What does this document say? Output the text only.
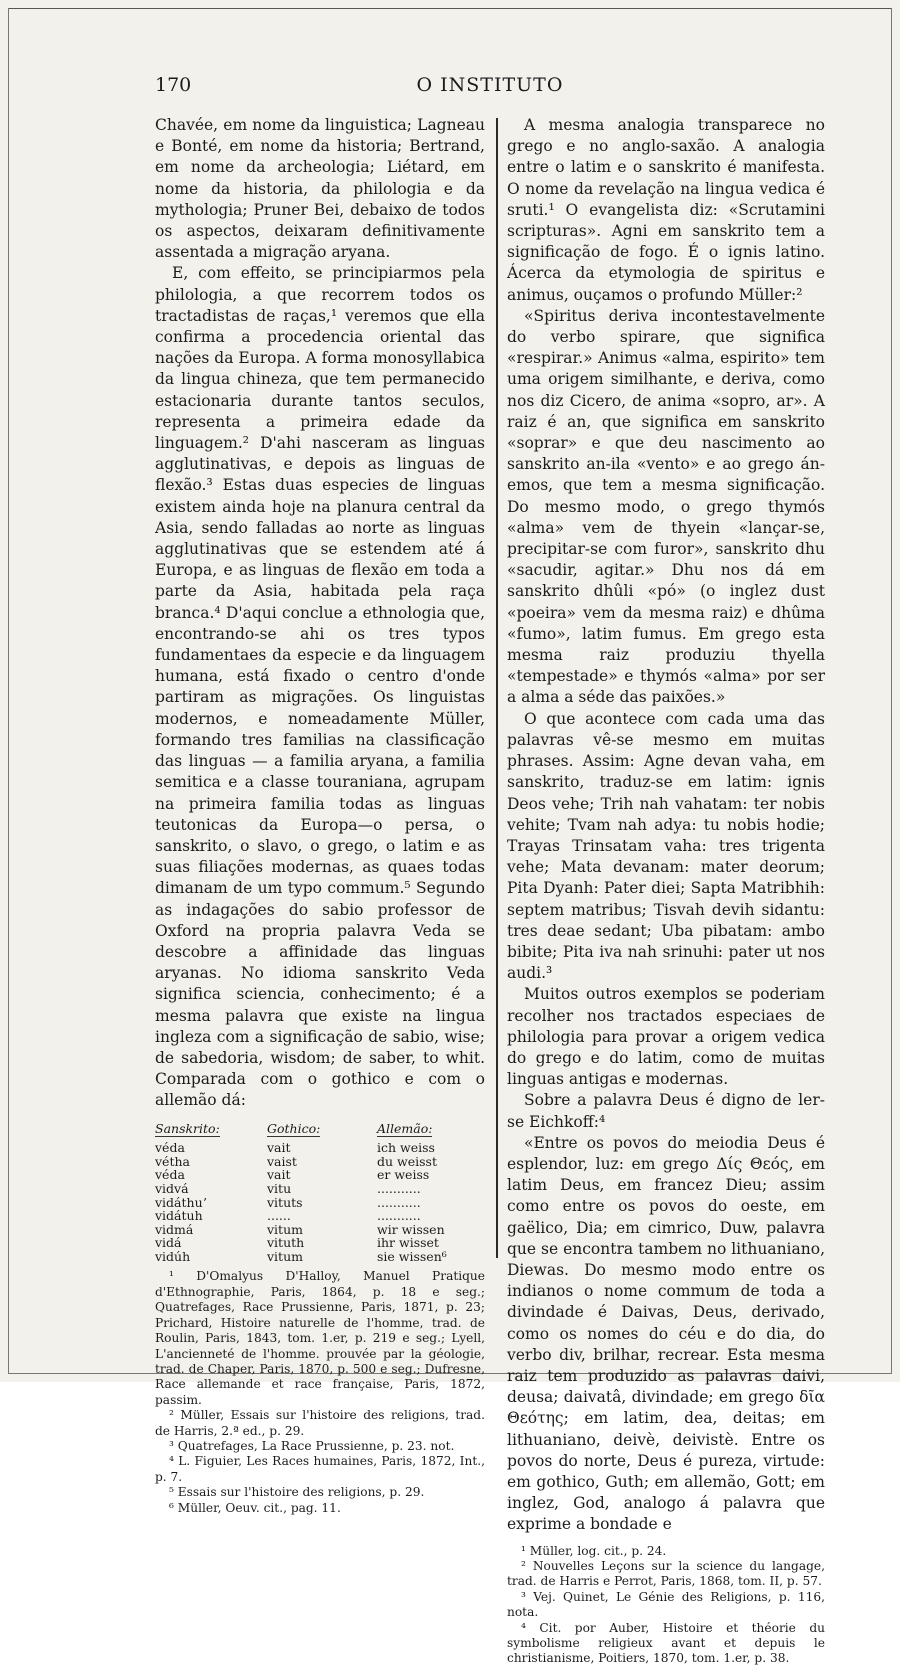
170	O INSTITUTO

Chavée, em nome da linguistica; Lagneau e Bonté, em nome da historia; Bertrand, em nome da archeologia; Liétard, em nome da historia, da philologia e da mythologia; Pruner Bei, debaixo de todos os aspectos, deixaram definitivamente assentada a migração aryana.

E, com effeito, se principiarmos pela philologia, a que recorrem todos os tractadistas de raças,¹ veremos que ella confirma a procedencia oriental das nações da Europa. A forma monosyllabica da lingua chineza, que tem permanecido estacionaria durante tantos seculos, representa a primeira edade da linguagem.² D'ahi nasceram as linguas agglutinativas, e depois as linguas de flexão.³ Estas duas especies de linguas existem ainda hoje na planura central da Asia, sendo falladas ao norte as linguas agglutinativas que se estendem até á Europa, e as linguas de flexão em toda a parte da Asia, habitada pela raça branca.⁴ D'aqui conclue a ethnologia que, encontrando-se ahi os tres typos fundamentaes da especie e da linguagem humana, está fixado o centro d'onde partiram as migrações. Os linguistas modernos, e nomeadamente Müller, formando tres familias na classificação das linguas — a familia aryana, a familia semitica e a classe touraniana, agrupam na primeira familia todas as linguas teutonicas da Europa—o persa, o sanskrito, o slavo, o grego, o latim e as suas filiações modernas, as quaes todas dimanam de um typo commum.⁵ Segundo as indagações do sabio professor de Oxford na propria palavra Veda se descobre a affinidade das linguas aryanas. No idioma sanskrito Veda significa sciencia, conhecimento; é a mesma palavra que existe na lingua ingleza com a significação de sabio, wise; de sabedoria, wisdom; de saber, to whit. Comparada com o gothico e com o allemão dá:

Sanskrito:	Gothico:	Allemão:
véda	vait	ich weiss
vétha	vaist	du weisst
véda	vait	er weiss
vidvá	vitu	...........
vidáthuʼ	vituts	...........
vidátuh	......	...........
vidmá	vitum	wir wissen
vidá	vituth	ihr wisset
vidúh	vitum	sie wissen⁶

¹ D'Omalyus D'Halloy, Manuel Pratique d'Ethnographie, Paris, 1864, p. 18 e seg.; Quatrefages, Race Prussienne, Paris, 1871, p. 23; Prichard, Histoire naturelle de l'homme, trad. de Roulin, Paris, 1843, tom. 1.er, p. 219 e seg.; Lyell, L'ancienneté de l'homme. prouvée par la géologie, trad. de Chaper, Paris, 1870, p. 500 e seg.; Dufresne, Race allemande et race française, Paris, 1872, passim.

² Müller, Essais sur l'histoire des religions, trad. de Harris, 2.ª ed., p. 29.

³ Quatrefages, La Race Prussienne, p. 23. not.

⁴ L. Figuier, Les Races humaines, Paris, 1872, Int., p. 7.

⁵ Essais sur l'histoire des religions, p. 29.

⁶ Müller, Oeuv. cit., pag. 11.

A mesma analogia transparece no grego e no anglo-saxão. A analogia entre o latim e o sanskrito é manifesta. O nome da revelação na lingua vedica é sruti.¹ O evangelista diz: «Scrutamini scripturas». Agni em sanskrito tem a significação de fogo. É o ignis latino. Ácerca da etymologia de spiritus e animus, ouçamos o profundo Müller:²

«Spiritus deriva incontestavelmente do verbo spirare, que significa «respirar.» Animus «alma, espirito» tem uma origem similhante, e deriva, como nos diz Cicero, de anima «sopro, ar». A raiz é an, que significa em sanskrito «soprar» e que deu nascimento ao sanskrito an-ila «vento» e ao grego án-emos, que tem a mesma significação. Do mesmo modo, o grego thymós «alma» vem de thyein «lançar-se, precipitar-se com furor», sanskrito dhu «sacudir, agitar.» Dhu nos dá em sanskrito dhûli «pó» (o inglez dust «poeira» vem da mesma raiz) e dhûma «fumo», latim fumus. Em grego esta mesma raiz produziu thyella «tempestade» e thymós «alma» por ser a alma a séde das paixões.»

O que acontece com cada uma das palavras vê-se mesmo em muitas phrases. Assim: Agne devan vaha, em sanskrito, traduz-se em latim: ignis Deos vehe; Trih nah vahatam: ter nobis vehite; Tvam nah adya: tu nobis hodie; Trayas Trinsatam vaha: tres trigenta vehe; Mata devanam: mater deorum; Pita Dyanh: Pater diei; Sapta Matribhih: septem matribus; Tisvah devih sidantu: tres deae sedant; Uba pibatam: ambo bibite; Pita iva nah srinuhi: pater ut nos audi.³

Muitos outros exemplos se poderiam recolher nos tractados especiaes de philologia para provar a origem vedica do grego e do latim, como de muitas linguas antigas e modernas.

Sobre a palavra Deus é digno de ler-se Eichkoff:⁴

«Entre os povos do meiodia Deus é esplendor, luz: em grego Δίς Θεός, em latim Deus, em francez Dieu; assim como entre os povos do oeste, em gaëlico, Dia; em cimrico, Duw, palavra que se encontra tambem no lithuaniano, Diewas. Do mesmo modo entre os indianos o nome commum de toda a divindade é Daivas, Deus, derivado, como os nomes do céu e do dia, do verbo div, brilhar, recrear. Esta mesma raiz tem produzido as palavras daivi, deusa; daivatâ, divindade; em grego δῖα Θεότης; em latim, dea, deitas; em lithuaniano, deivè, deivistè. Entre os povos do norte, Deus é pureza, virtude: em gothico, Guth; em allemão, Gott; em inglez, God, analogo á palavra que exprime a bondade e

¹ Müller, log. cit., p. 24.

² Nouvelles Leçons sur la science du langage, trad. de Harris e Perrot, Paris, 1868, tom. II, p. 57.

³ Vej. Quinet, Le Génie des Religions, p. 116, nota.

⁴ Cit. por Auber, Histoire et théorie du symbolisme religieux avant et depuis le christianisme, Poitiers, 1870, tom. 1.er, p. 38.
